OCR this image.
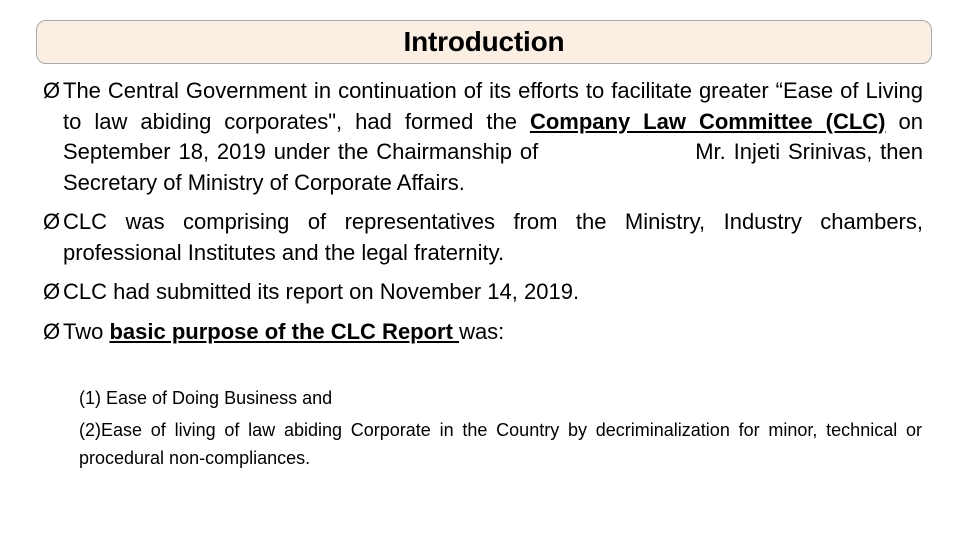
Introduction
Ø The Central Government in continuation of its efforts to facilitate greater “Ease of Living to law abiding corporates", had formed the Company Law Committee (CLC) on September 18, 2019 under the Chairmanship of                    Mr. Injeti Srinivas, then Secretary of Ministry of Corporate Affairs.
Ø CLC was comprising of representatives from the Ministry, Industry chambers, professional Institutes and the legal fraternity.
Ø CLC had submitted its report on November 14, 2019.
Ø Two basic purpose of the CLC Report was:
(1) Ease of Doing Business and
(2)Ease of living of law abiding Corporate in the Country by decriminalization for minor, technical or procedural non-compliances.
